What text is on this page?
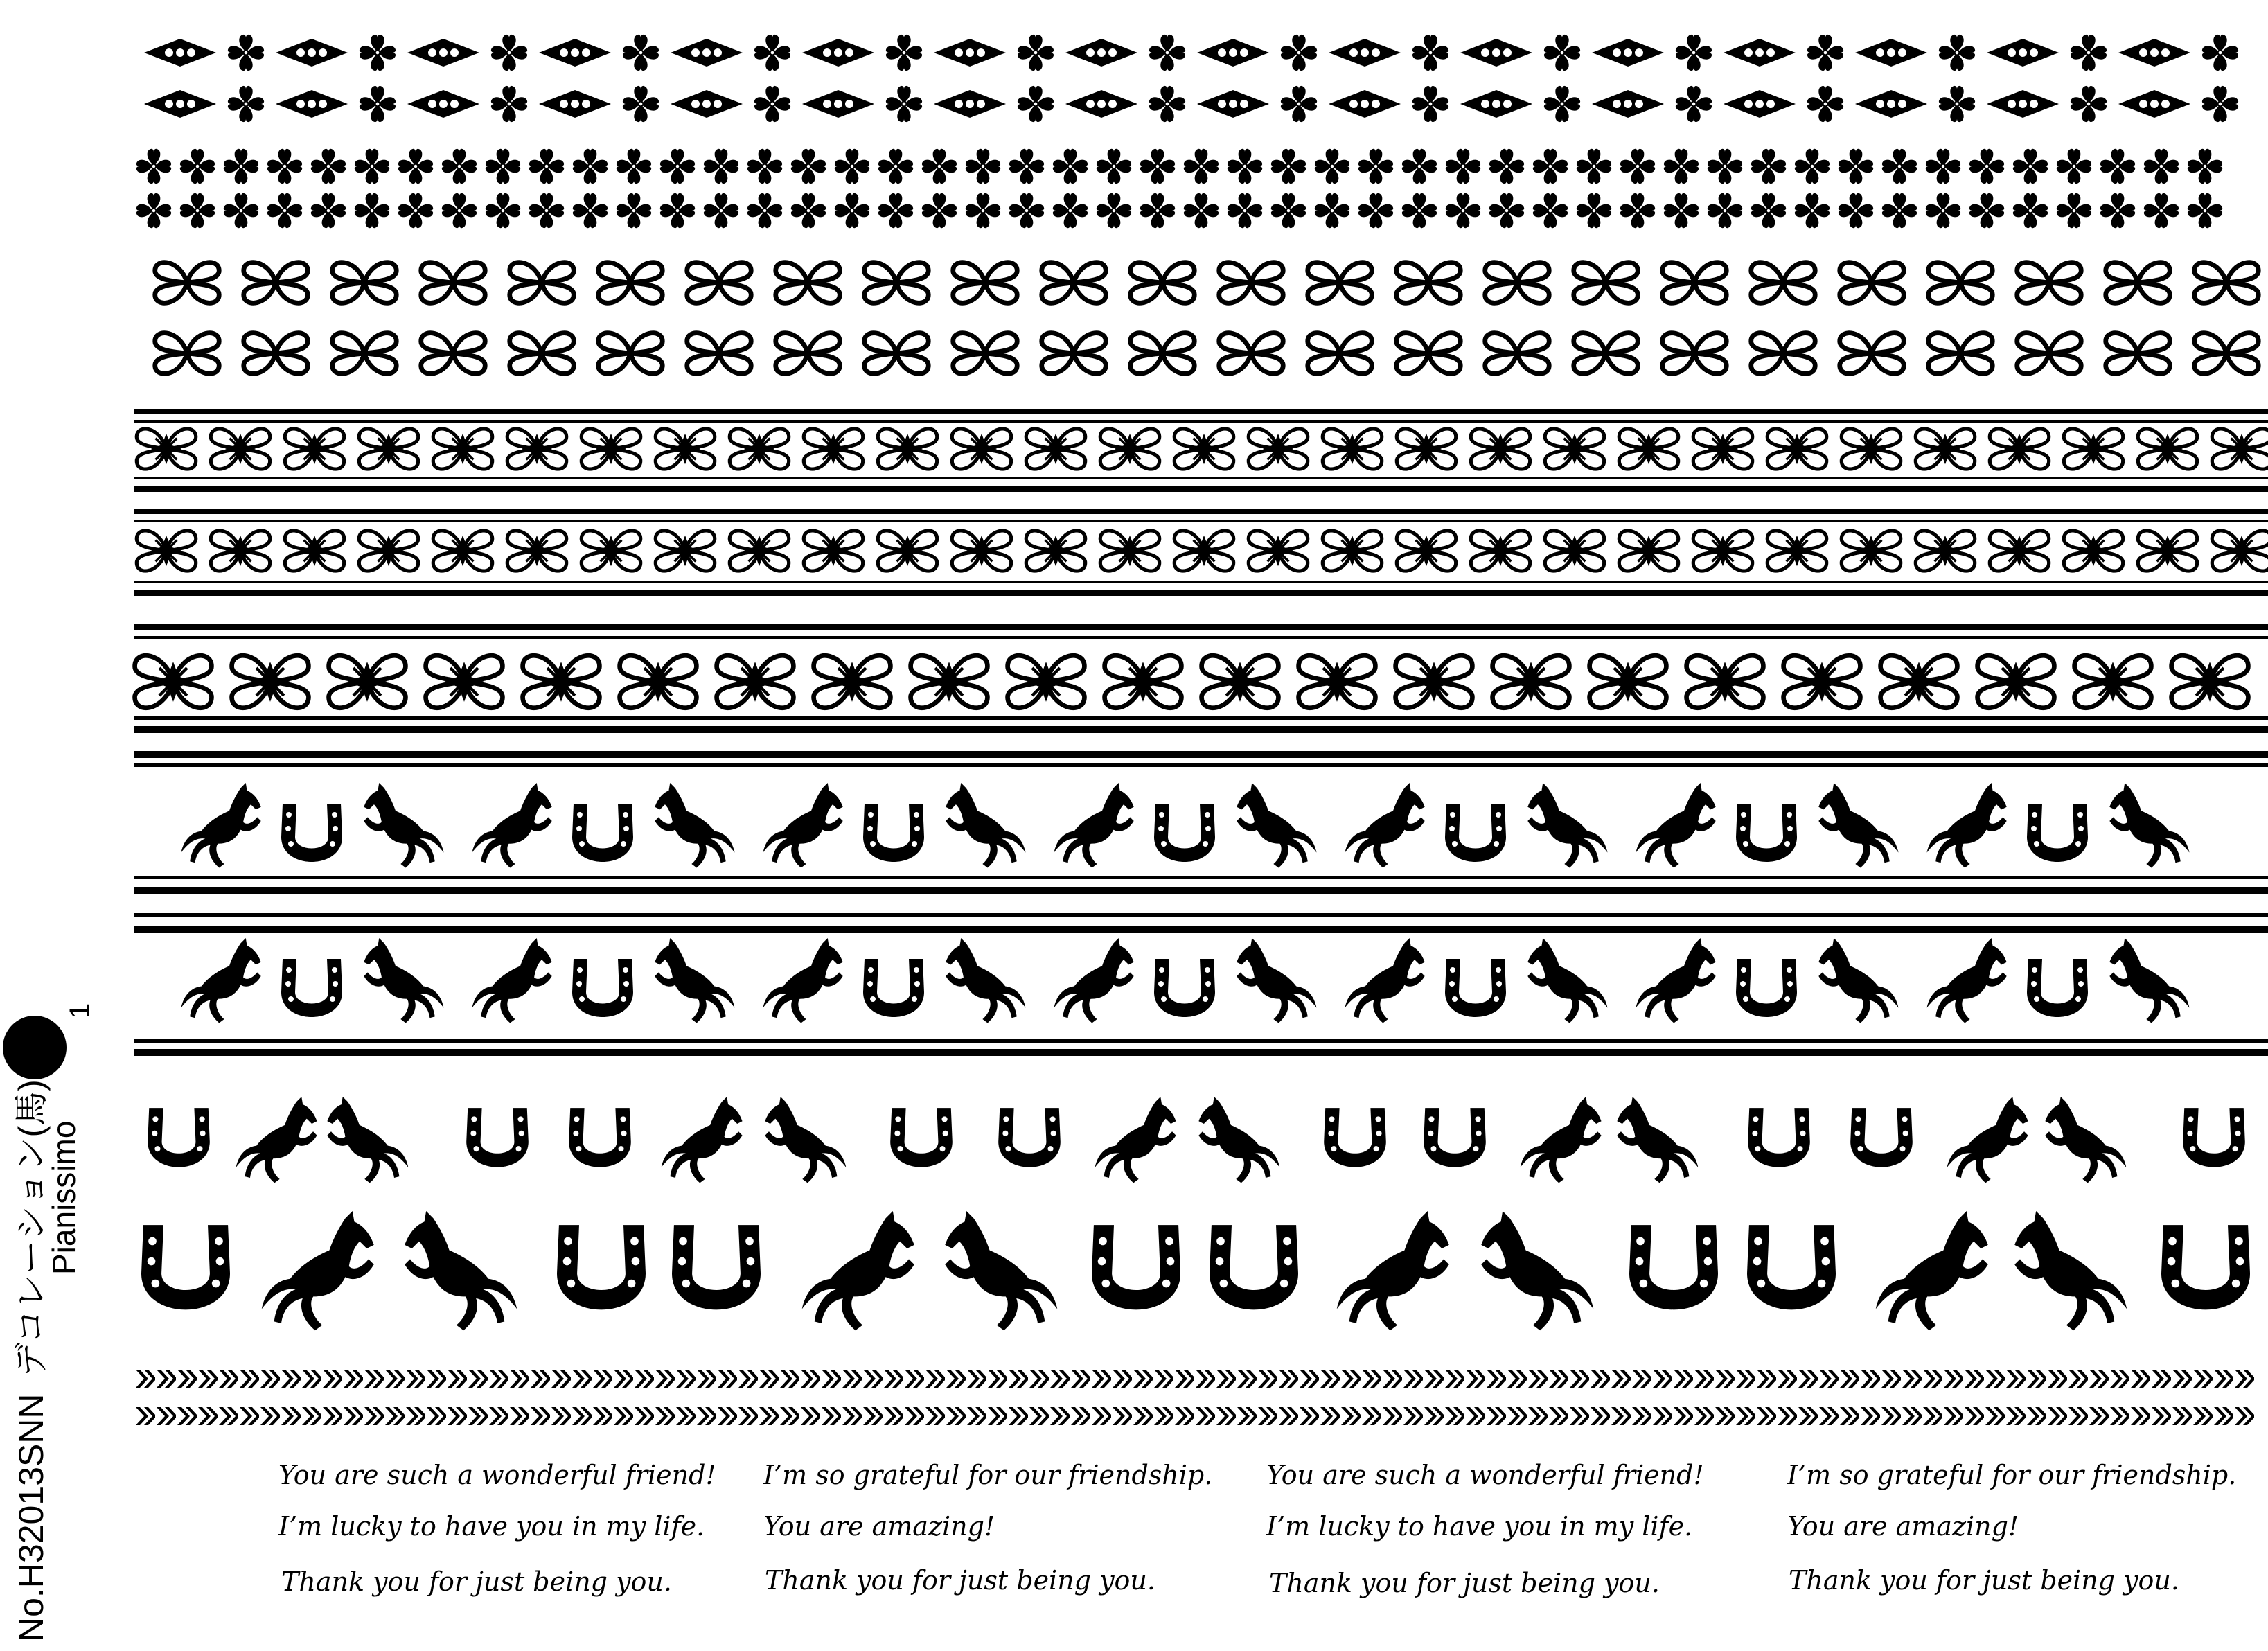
You are such a wonderful friend!
I’m lucky to have you in my life.
Thank you for just being you.
I’m so grateful for our friendship.
You are amazing!
Thank you for just being you.
You are such a wonderful friend!
I’m lucky to have you in my life.
Thank you for just being you.
I’m so grateful for our friendship.
You are amazing!
Thank you for just being you.
1
No.H32013SNNデコレーション(馬)
Pianissimo
